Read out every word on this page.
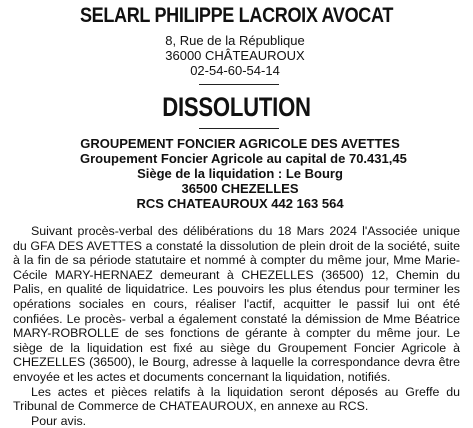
SELARL PHILIPPE LACROIX AVOCAT
8, Rue de la République
36000 CHÂTEAUROUX
02-54-60-54-14
DISSOLUTION
GROUPEMENT FONCIER AGRICOLE DES AVETTES
Groupement Foncier Agricole au capital de 70.431,45
Siège de la liquidation : Le Bourg
36500 CHEZELLES
RCS CHATEAUROUX 442 163 564

Suivant procès-verbal des délibérations du 18 Mars 2024 l'Associée unique du GFA DES AVETTES a constaté la dissolution de plein droit de la société, suite à la fin de sa période statutaire et nommé à compter du même jour, Mme Marie-Cécile MARY-HERNAEZ demeurant à CHEZELLES (36500) 12, Chemin du Palis, en qualité de liquidatrice. Les pouvoirs les plus étendus pour terminer les opérations sociales en cours, réaliser l'actif, acquitter le passif lui ont été confiées. Le procès- verbal a également constaté la démission de Mme Béatrice MARY-ROBROLLE de ses fonctions de gérante à compter du même jour. Le siège de la liquidation est fixé au siège du Groupement Foncier Agricole à CHEZELLES (36500), le Bourg, adresse à laquelle la correspondance devra être envoyée et les actes et documents concernant la liquidation, notifiés.

Les actes et pièces relatifs à la liquidation seront déposés au Greffe du Tribunal de Commerce de CHATEAUROUX, en annexe au RCS.

Pour avis.
